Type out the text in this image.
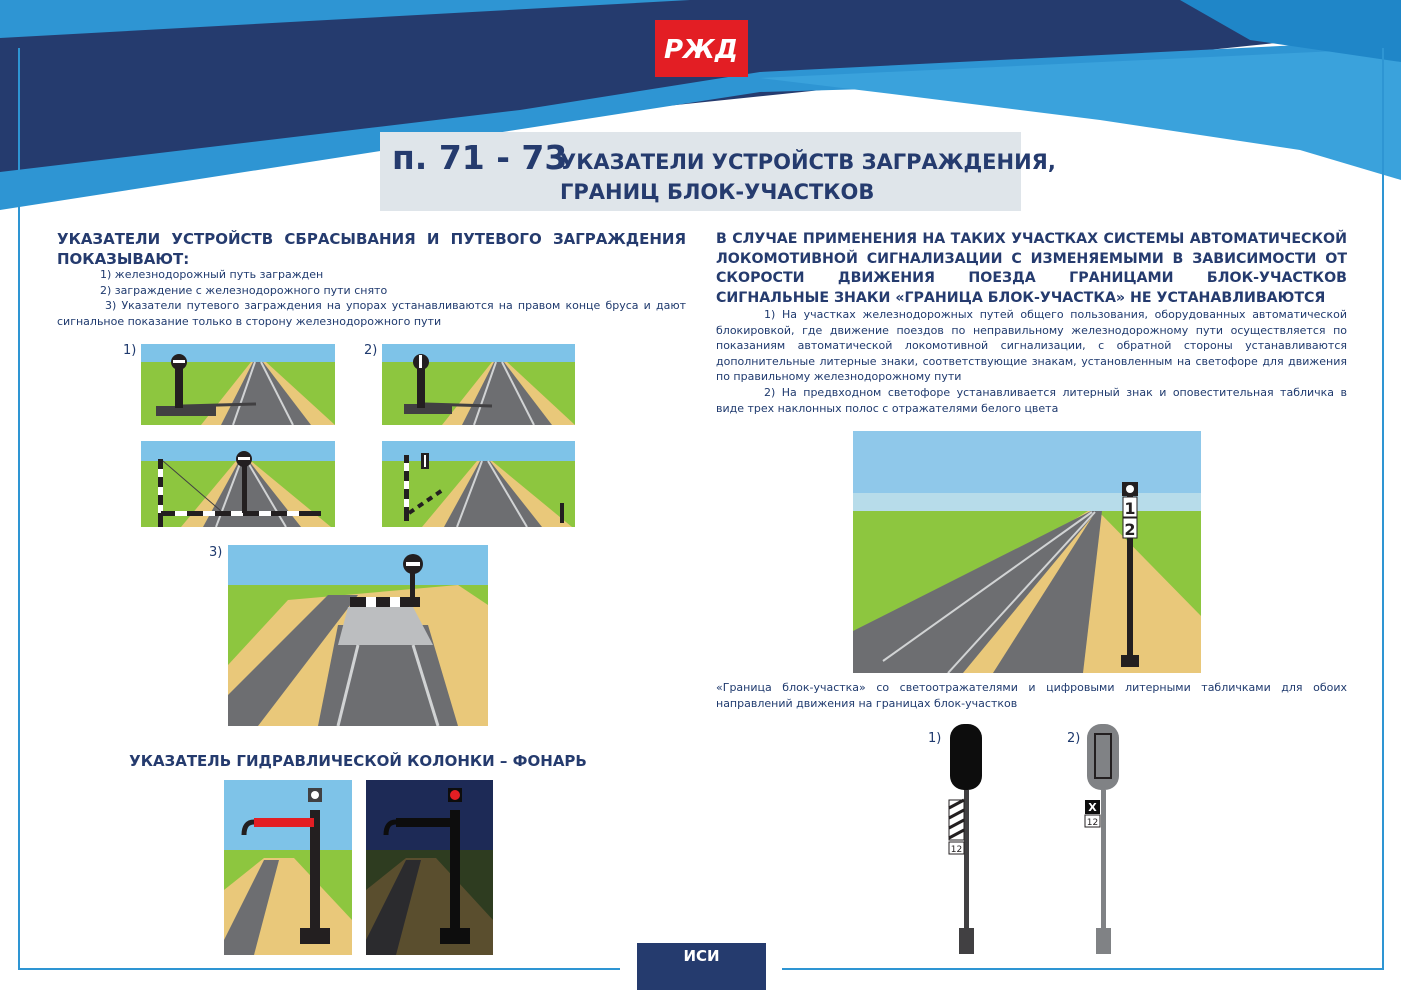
РЖД
п. 71 - 73
УКАЗАТЕЛИ УСТРОЙСТВ ЗАГРАЖДЕНИЯ,
ГРАНИЦ БЛОК-УЧАСТКОВ
УКАЗАТЕЛИ УСТРОЙСТВ СБРАСЫВАНИЯ И ПУТЕВОГО ЗАГРАЖДЕНИЯ ПОКАЗЫВАЮТ:
1) железнодорожный путь загражден
2) заграждение с железнодорожного пути снято
3) Указатели путевого заграждения на упорах устанавливаются на правом конце бруса и дают сигнальное показание только в сторону железнодорожного пути
1)	2)
3)
УКАЗАТЕЛЬ ГИДРАВЛИЧЕСКОЙ КОЛОНКИ – ФОНАРЬ
В СЛУЧАЕ ПРИМЕНЕНИЯ НА ТАКИХ УЧАСТКАХ СИСТЕМЫ АВТОМАТИЧЕСКОЙ ЛОКОМОТИВНОЙ СИГНАЛИЗАЦИИ С ИЗМЕНЯЕМЫМИ В ЗАВИСИМОСТИ ОТ СКОРОСТИ ДВИЖЕНИЯ ПОЕЗДА ГРАНИЦАМИ БЛОК-УЧАСТКОВ СИГНАЛЬНЫЕ ЗНАКИ «ГРАНИЦА БЛОК-УЧАСТКА» НЕ УСТАНАВЛИВАЮТСЯ
1) На участках железнодорожных путей общего пользования, оборудованных автоматической блокировкой, где движение поездов по неправильному железнодорожному пути осуществляется по показаниям автоматической локомотивной сигнализации, с обратной стороны устанавливаются дополнительные литерные знаки, соответствующие знакам, установленным на светофоре для движения по правильному железнодорожному пути
2) На предвходном светофоре устанавливается литерный знак и оповестительная табличка в виде трех наклонных полос с отражателями белого цвета
1
2
«Граница блок-участка» со светоотражателями и цифровыми литерными табличками для обоих направлений движения на границах блок-участков
1)	2)
12
X
12
ИСИ
